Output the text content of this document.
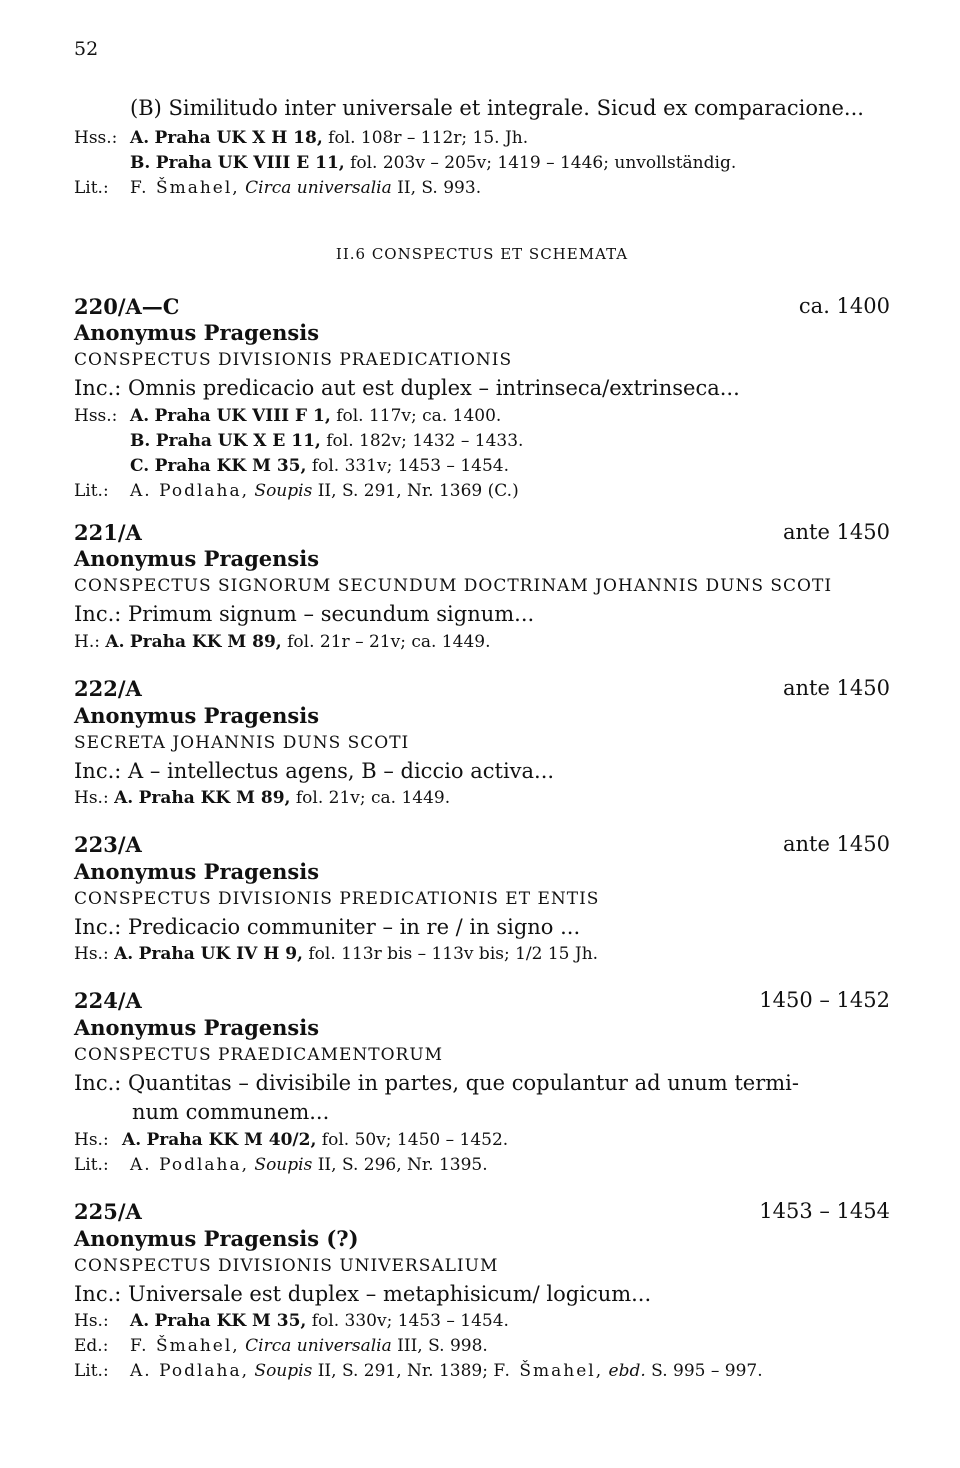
52
(B) Similitudo inter universale et integrale. Sicud ex comparacione...
Hss.: A. Praha UK X H 18, fol. 108r – 112r; 15. Jh.
B. Praha UK VIII E 11, fol. 203v – 205v; 1419 – 1446; unvollständig.
Lit.: F. Šmahel, Circa universalia II, S. 993.
II.6 CONSPECTUS ET SCHEMATA
220/A—C	ca. 1400
Anonymus Pragensis
CONSPECTUS DIVISIONIS PRAEDICATIONIS
Inc.: Omnis predicacio aut est duplex – intrinseca/extrinseca...
Hss.: A. Praha UK VIII F 1, fol. 117v; ca. 1400.
B. Praha UK X E 11, fol. 182v; 1432 – 1433.
C. Praha KK M 35, fol. 331v; 1453 – 1454.
Lit.: A. Podlaha, Soupis II, S. 291, Nr. 1369 (C.)
221/A	ante 1450
Anonymus Pragensis
CONSPECTUS SIGNORUM SECUNDUM DOCTRINAM JOHANNIS DUNS SCOTI
Inc.: Primum signum – secundum signum...
H.: A. Praha KK M 89, fol. 21r – 21v; ca. 1449.
222/A	ante 1450
Anonymus Pragensis
SECRETA JOHANNIS DUNS SCOTI
Inc.: A – intellectus agens, B – diccio activa...
Hs.: A. Praha KK M 89, fol. 21v; ca. 1449.
223/A	ante 1450
Anonymus Pragensis
CONSPECTUS DIVISIONIS PREDICATIONIS ET ENTIS
Inc.: Predicacio communiter – in re / in signo ...
Hs.: A. Praha UK IV H 9, fol. 113r bis – 113v bis; 1/2 15 Jh.
224/A	1450 – 1452
Anonymus Pragensis
CONSPECTUS PRAEDICAMENTORUM
Inc.: Quantitas – divisibile in partes, que copulantur ad unum termi-
num communem...
Hs.: A. Praha KK M 40/2, fol. 50v; 1450 – 1452.
Lit.: A. Podlaha, Soupis II, S. 296, Nr. 1395.
225/A	1453 – 1454
Anonymus Pragensis (?)
CONSPECTUS DIVISIONIS UNIVERSALIUM
Inc.: Universale est duplex – metaphisicum/ logicum...
Hs.: A. Praha KK M 35, fol. 330v; 1453 – 1454.
Ed.: F. Šmahel, Circa universalia III, S. 998.
Lit.: A. Podlaha, Soupis II, S. 291, Nr. 1389; F. Šmahel, ebd. S. 995 – 997.
